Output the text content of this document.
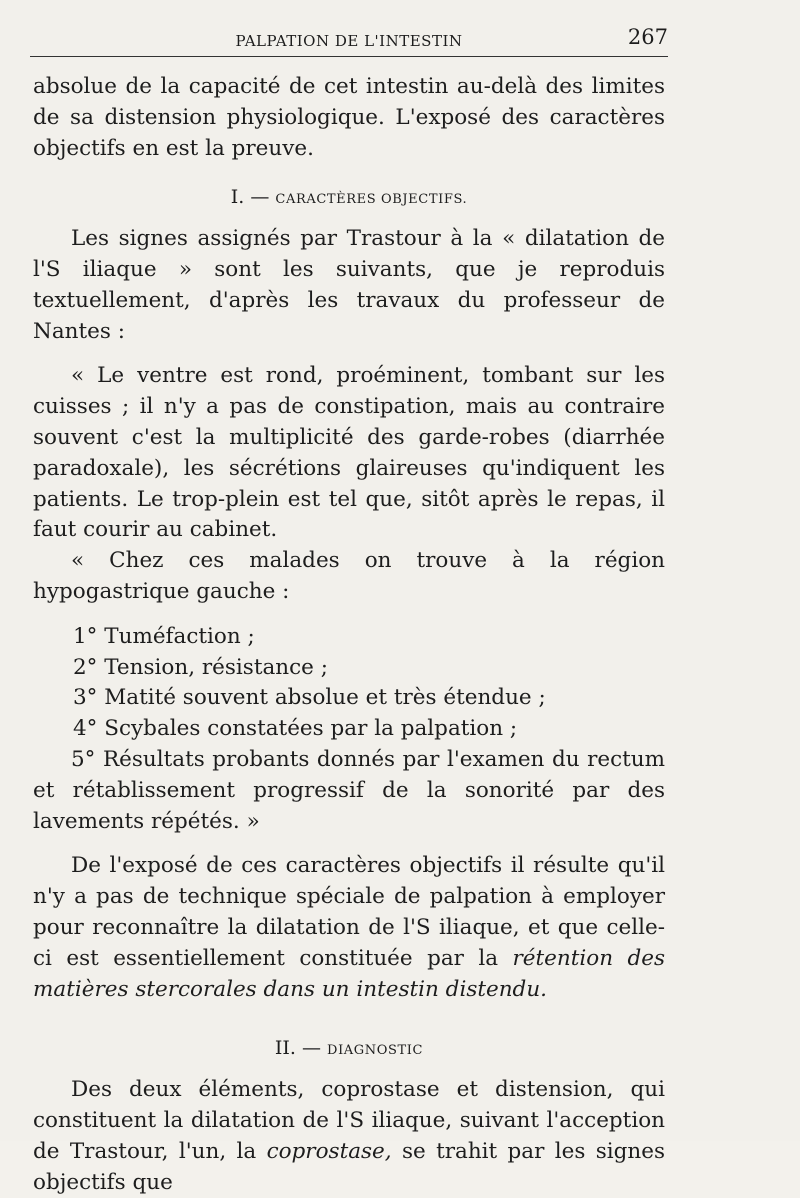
PALPATION DE L'INTESTIN	267

absolue de la capacité de cet intestin au-delà des limites de sa distension physiologique. L'exposé des caractères objectifs en est la preuve.

I. — CARACTÈRES OBJECTIFS.

Les signes assignés par Trastour à la « dilatation de l'S iliaque » sont les suivants, que je reproduis textuellement, d'après les travaux du professeur de Nantes :

« Le ventre est rond, proéminent, tombant sur les cuisses ; il n'y a pas de constipation, mais au contraire souvent c'est la multiplicité des garde-robes (diarrhée paradoxale), les sécrétions glaireuses qu'indiquent les patients. Le trop-plein est tel que, sitôt après le repas, il faut courir au cabinet.

« Chez ces malades on trouve à la région hypogastrique gauche :

1° Tuméfaction ;
2° Tension, résistance ;
3° Matité souvent absolue et très étendue ;
4° Scybales constatées par la palpation ;

5° Résultats probants donnés par l'examen du rectum et rétablissement progressif de la sonorité par des lavements répétés. »

De l'exposé de ces caractères objectifs il résulte qu'il n'y a pas de technique spéciale de palpation à employer pour reconnaître la dilatation de l'S iliaque, et que celle-ci est essentiellement constituée par la rétention des matières stercorales dans un intestin distendu.

II. — DIAGNOSTIC

Des deux éléments, coprostase et distension, qui constituent la dilatation de l'S iliaque, suivant l'acception de Trastour, l'un, la coprostase, se trahit par les signes objectifs que
